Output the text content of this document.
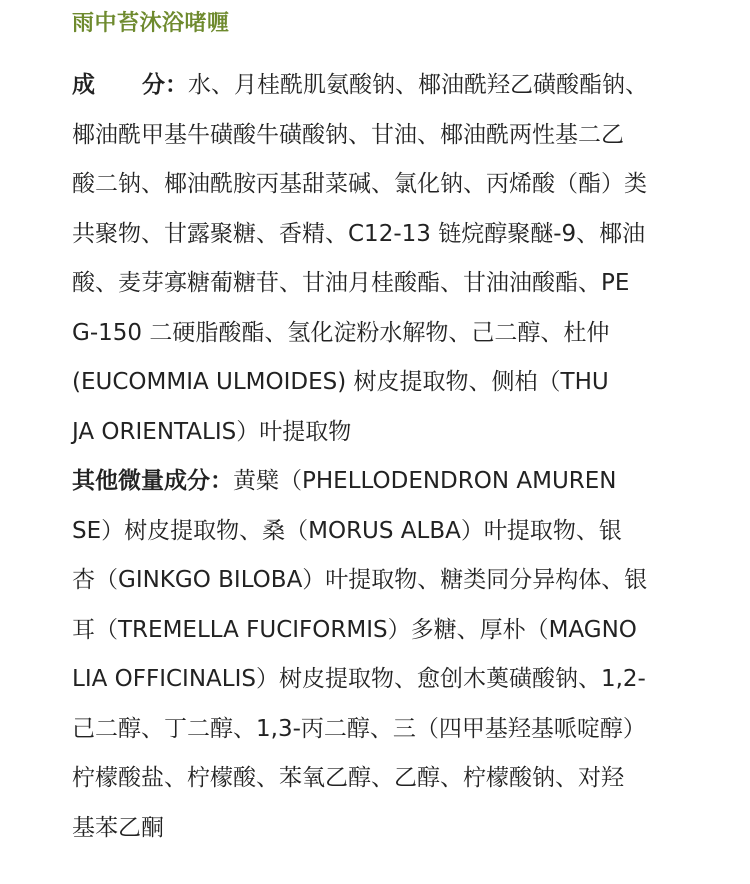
雨中苔沐浴啫喱
成 分：水、月桂酰肌氨酸钠、椰油酰羟乙磺酸酯钠、
椰油酰甲基牛磺酸牛磺酸钠、甘油、椰油酰两性基二乙
酸二钠、椰油酰胺丙基甜菜碱、氯化钠、丙烯酸（酯）类
共聚物、甘露聚糖、香精、C12-13 链烷醇聚醚-9、椰油
酸、麦芽寡糖葡糖苷、甘油月桂酸酯、甘油油酸酯、PE
G-150 二硬脂酸酯、氢化淀粉水解物、己二醇、杜仲
(EUCOMMIA ULMOIDES) 树皮提取物、侧柏（THU
JA ORIENTALIS）叶提取物
其他微量成分：黄檗（PHELLODENDRON AMUREN
SE）树皮提取物、桑（MORUS ALBA）叶提取物、银
杏（GINKGO BILOBA）叶提取物、糖类同分异构体、银
耳（TREMELLA FUCIFORMIS）多糖、厚朴（MAGNO
LIA OFFICINALIS）树皮提取物、愈创木薁磺酸钠、1,2-
己二醇、丁二醇、1,3-丙二醇、三（四甲基羟基哌啶醇）
柠檬酸盐、柠檬酸、苯氧乙醇、乙醇、柠檬酸钠、对羟
基苯乙酮
